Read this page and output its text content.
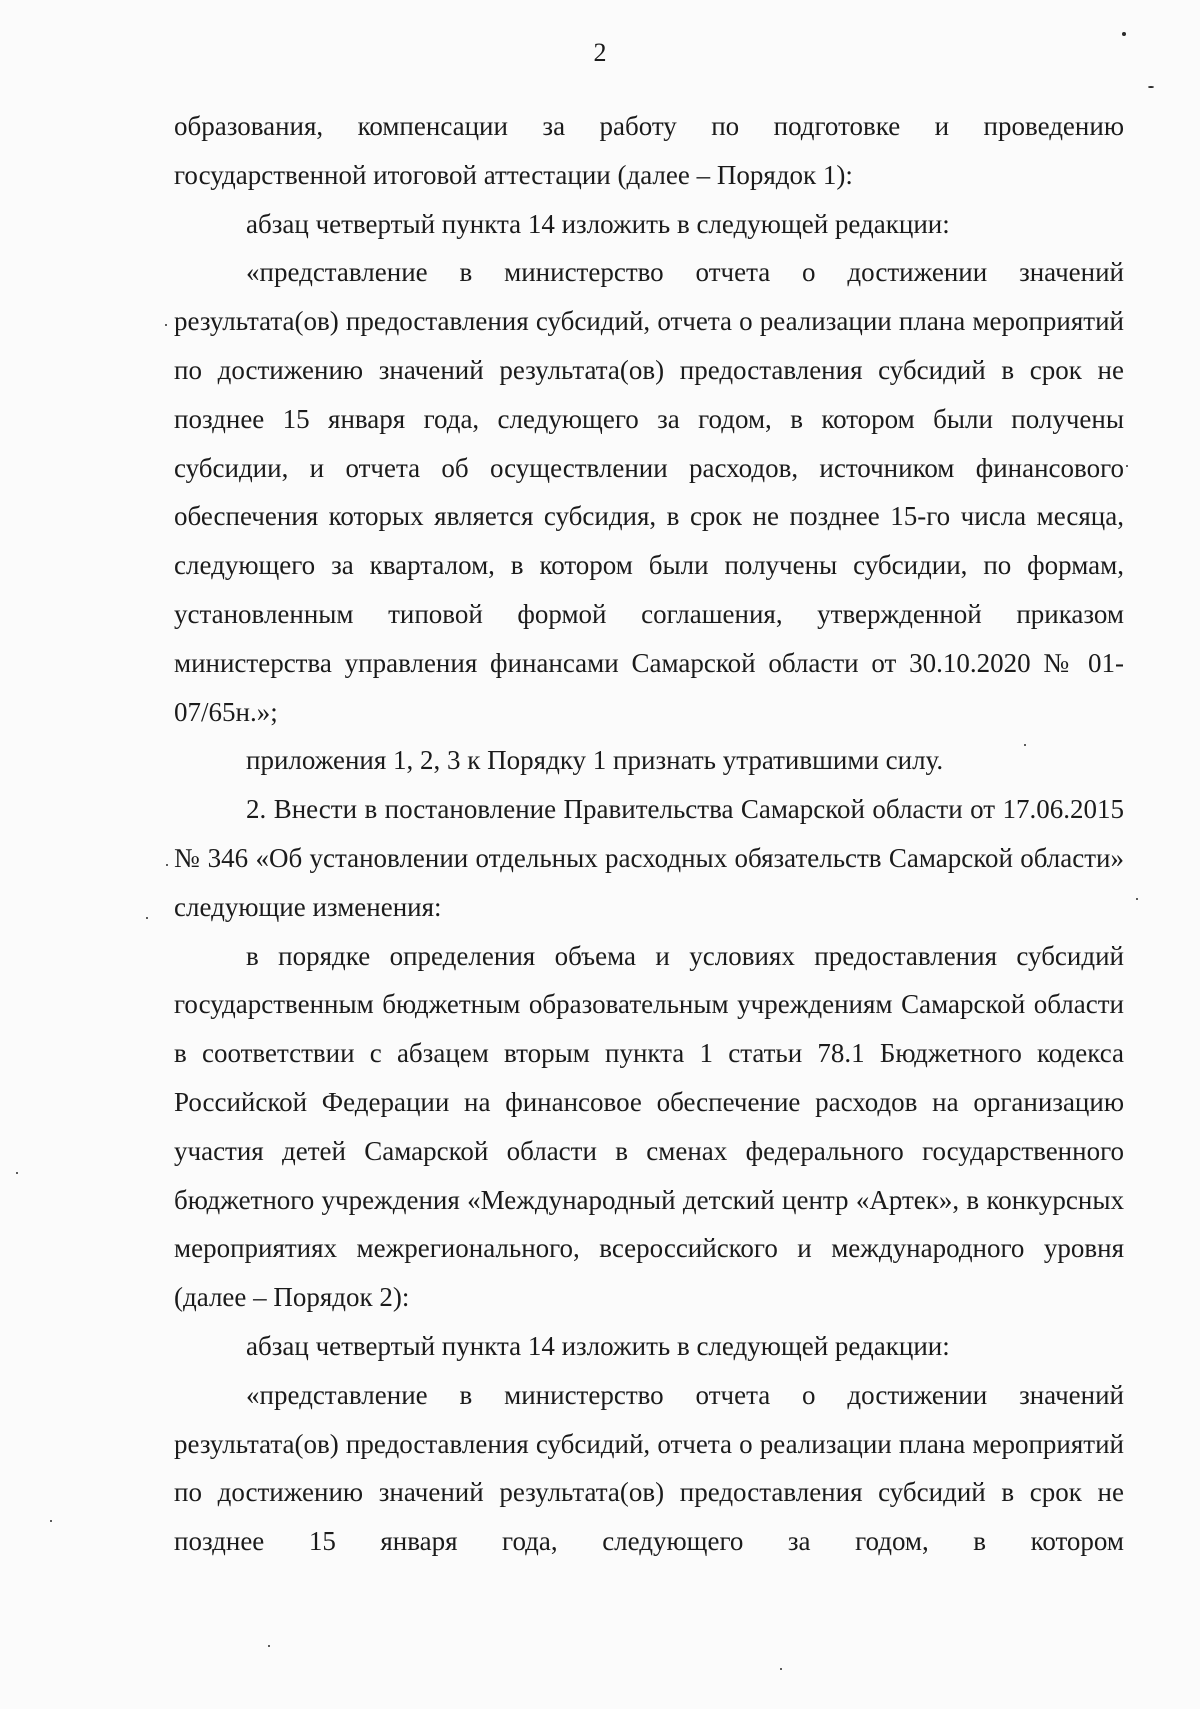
2

образования, компенсации за работу по подготовке и проведению государственной итоговой аттестации (далее – Порядок 1):

абзац четвертый пункта 14 изложить в следующей редакции:

«представление в министерство отчета о достижении значений результата(ов) предоставления субсидий, отчета о реализации плана мероприятий по достижению значений результата(ов) предоставления субсидий в срок не позднее 15 января года, следующего за годом, в котором были получены субсидии, и отчета об осуществлении расходов, источником финансового обеспечения которых является субсидия, в срок не позднее 15-го числа месяца, следующего за кварталом, в котором были получены субсидии, по формам, установленным типовой формой соглашения, утвержденной приказом министерства управления финансами Самарской области от 30.10.2020 № 01-07/65н.»;

приложения 1, 2, 3 к Порядку 1 признать утратившими силу.

2. Внести в постановление Правительства Самарской области от 17.06.2015 № 346 «Об установлении отдельных расходных обязательств Самарской области» следующие изменения:

в порядке определения объема и условиях предоставления субсидий государственным бюджетным образовательным учреждениям Самарской области в соответствии с абзацем вторым пункта 1 статьи 78.1 Бюджетного кодекса Российской Федерации на финансовое обеспечение расходов на организацию участия детей Самарской области в сменах федерального государственного бюджетного учреждения «Международный детский центр «Артек», в конкурсных мероприятиях межрегионального, всероссийского и международного уровня (далее – Порядок 2):

абзац четвертый пункта 14 изложить в следующей редакции:

«представление в министерство отчета о достижении значений результата(ов) предоставления субсидий, отчета о реализации плана мероприятий по достижению значений результата(ов) предоставления субсидий в срок не позднее 15 января года, следующего за годом, в котором
